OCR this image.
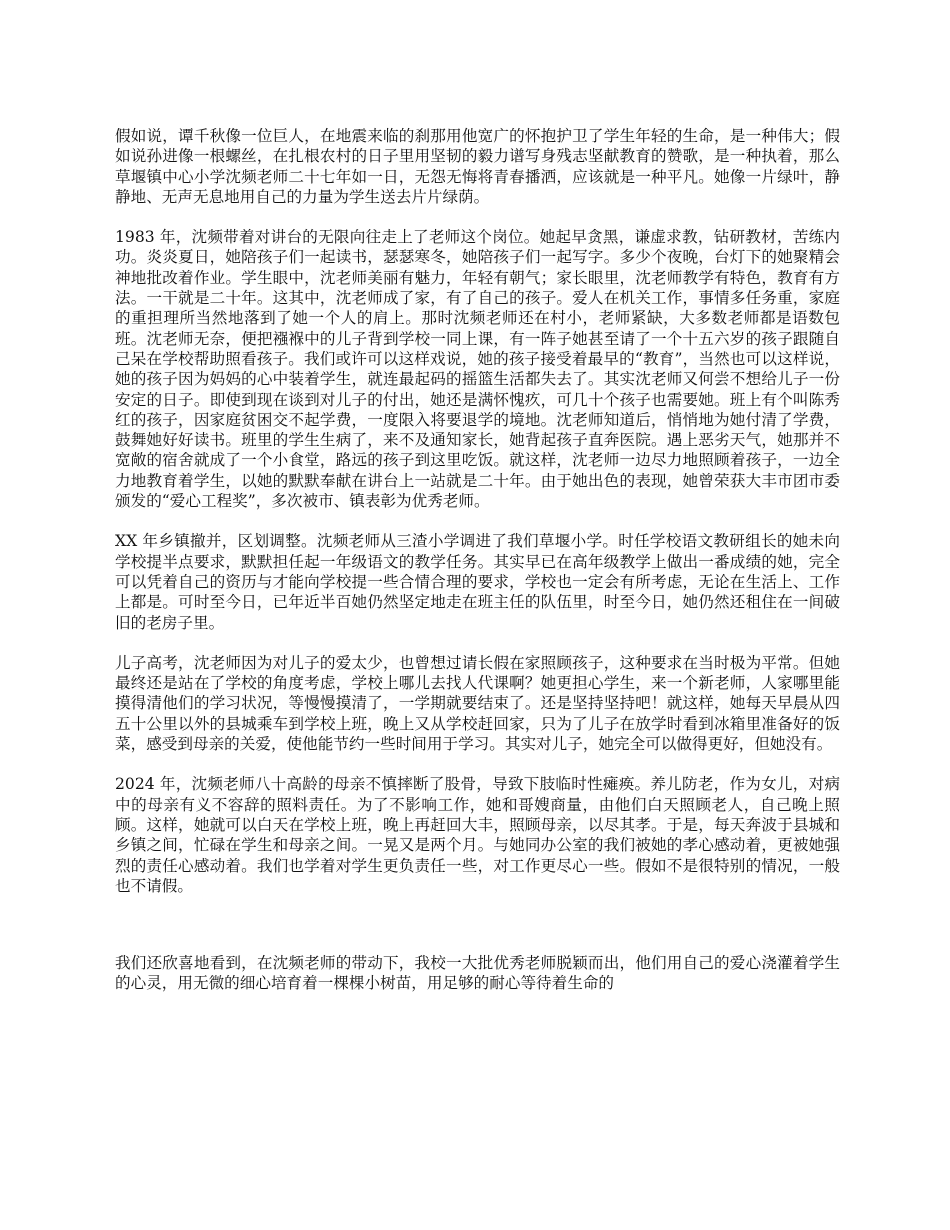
假如说，谭千秋像一位巨人，在地震来临的刹那用他宽广的怀抱护卫了学生年轻的生命，是一种伟大；假如说孙进像一根螺丝，在扎根农村的日子里用坚韧的毅力谱写身残志坚献教育的赞歌，是一种执着，那么草堰镇中心小学沈频老师二十七年如一日，无怨无悔将青春播洒，应该就是一种平凡。她像一片绿叶，静静地、无声无息地用自己的力量为学生送去片片绿荫。

1983 年，沈频带着对讲台的无限向往走上了老师这个岗位。她起早贪黑，谦虚求教，钻研教材，苦练内功。炎炎夏日，她陪孩子们一起读书，瑟瑟寒冬，她陪孩子们一起写字。多少个夜晚，台灯下的她聚精会神地批改着作业。学生眼中，沈老师美丽有魅力，年轻有朝气；家长眼里，沈老师教学有特色，教育有方法。一干就是二十年。这其中，沈老师成了家，有了自己的孩子。爱人在机关工作，事情多任务重，家庭的重担理所当然地落到了她一个人的肩上。那时沈频老师还在村小，老师紧缺，大多数老师都是语数包班。沈老师无奈，便把襁褓中的儿子背到学校一同上课，有一阵子她甚至请了一个十五六岁的孩子跟随自己呆在学校帮助照看孩子。我们或许可以这样戏说，她的孩子接受着最早的“教育”，当然也可以这样说，她的孩子因为妈妈的心中装着学生，就连最起码的摇篮生活都失去了。其实沈老师又何尝不想给儿子一份安定的日子。即使到现在谈到对儿子的付出，她还是满怀愧疚，可几十个孩子也需要她。班上有个叫陈秀红的孩子，因家庭贫困交不起学费，一度限入将要退学的境地。沈老师知道后，悄悄地为她付清了学费，鼓舞她好好读书。班里的学生生病了，来不及通知家长，她背起孩子直奔医院。遇上恶劣天气，她那并不宽敞的宿舍就成了一个小食堂，路远的孩子到这里吃饭。就这样，沈老师一边尽力地照顾着孩子，一边全力地教育着学生，以她的默默奉献在讲台上一站就是二十年。由于她出色的表现，她曾荣获大丰市团市委颁发的“爱心工程奖”，多次被市、镇表彰为优秀老师。

XX 年乡镇撤并，区划调整。沈频老师从三渣小学调进了我们草堰小学。时任学校语文教研组长的她未向学校提半点要求，默默担任起一年级语文的教学任务。其实早已在高年级教学上做出一番成绩的她，完全可以凭着自己的资历与才能向学校提一些合情合理的要求，学校也一定会有所考虑，无论在生活上、工作上都是。可时至今日，已年近半百她仍然坚定地走在班主任的队伍里，时至今日，她仍然还租住在一间破旧的老房子里。

儿子高考，沈老师因为对儿子的爱太少，也曾想过请长假在家照顾孩子，这种要求在当时极为平常。但她最终还是站在了学校的角度考虑，学校上哪儿去找人代课啊？她更担心学生，来一个新老师，人家哪里能摸得清他们的学习状况，等慢慢摸清了，一学期就要结束了。还是坚持坚持吧！就这样，她每天早晨从四五十公里以外的县城乘车到学校上班，晚上又从学校赶回家，只为了儿子在放学时看到冰箱里准备好的饭菜，感受到母亲的关爱，使他能节约一些时间用于学习。其实对儿子，她完全可以做得更好，但她没有。

2024 年，沈频老师八十高龄的母亲不慎摔断了股骨，导致下肢临时性瘫痪。养儿防老，作为女儿，对病中的母亲有义不容辞的照料责任。为了不影响工作，她和哥嫂商量，由他们白天照顾老人，自己晚上照顾。这样，她就可以白天在学校上班，晚上再赶回大丰，照顾母亲，以尽其孝。于是，每天奔波于县城和乡镇之间，忙碌在学生和母亲之间。一晃又是两个月。与她同办公室的我们被她的孝心感动着，更被她强烈的责任心感动着。我们也学着对学生更负责任一些，对工作更尽心一些。假如不是很特别的情况，一般也不请假。

我们还欣喜地看到，在沈频老师的带动下，我校一大批优秀老师脱颖而出，他们用自己的爱心浇灌着学生的心灵，用无微的细心培育着一棵棵小树苗，用足够的耐心等待着生命的
